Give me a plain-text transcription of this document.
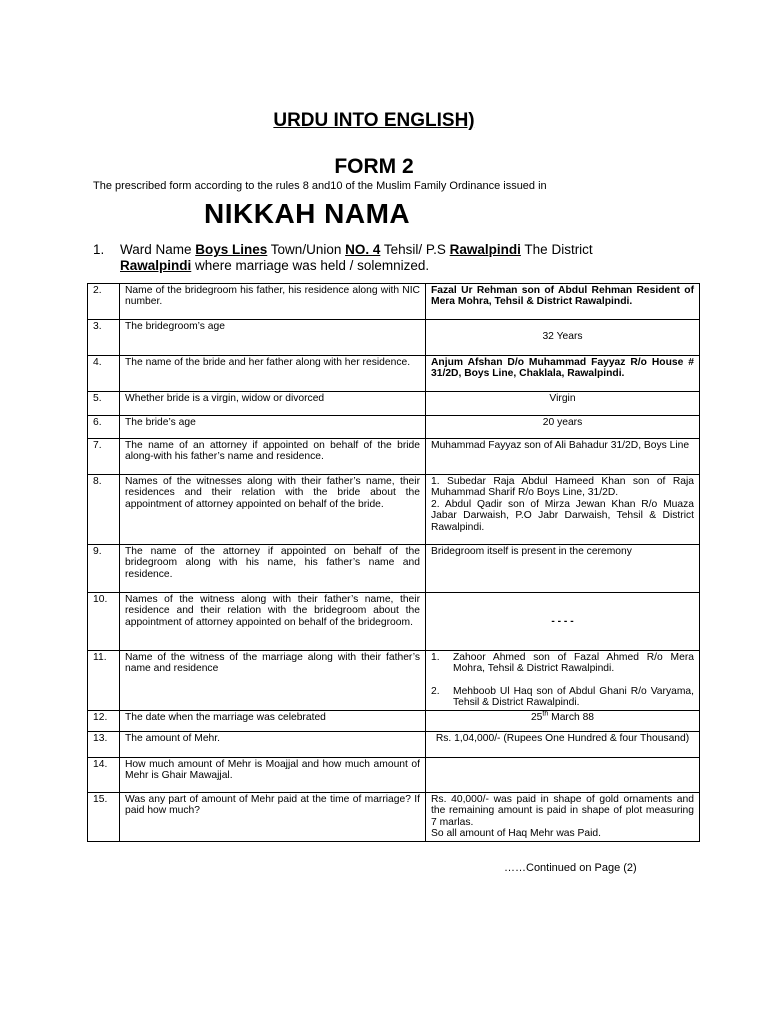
URDU INTO ENGLISH)
FORM 2
The prescribed form according to the rules 8 and10 of the Muslim Family Ordinance issued in
NIKKAH NAMA
1.	Ward Name Boys Lines Town/Union NO. 4 Tehsil/ P.S Rawalpindi The District
Rawalpindi where marriage was held / solemnized.
2.	Name of the bridegroom his father, his residence along with NIC number.	Fazal Ur Rehman son of Abdul Rehman Resident of Mera Mohra, Tehsil & District Rawalpindi.
3.	The bridegroom’s age	32 Years

4.	The name of the bride and her father along with her residence.	Anjum Afshan D/o Muhammad Fayyaz R/o House # 31/2D, Boys Line, Chaklala, Rawalpindi.
5.	Whether bride is a virgin, widow or divorced	Virgin
6.	The bride’s age	20 years
7.	The name of an attorney if appointed on behalf of the bride along-with his father’s name and residence.	Muhammad Fayyaz son of Ali Bahadur 31/2D, Boys Line
8.	Names of the witnesses along with their father’s name, their residences and their relation with the bride about the appointment of attorney appointed on behalf of the bride.	1. Subedar Raja Abdul Hameed Khan son of Raja Muhammad Sharif R/o Boys Line, 31/2D.
2. Abdul Qadir son of Mirza Jewan Khan R/o Muaza Jabar Darwaish, P.O Jabr Darwaish, Tehsil & District Rawalpindi.

9.	The name of the attorney if appointed on behalf of the bridegroom along with his name, his father’s name and residence.	Bridegroom itself is present in the ceremony
10.	Names of the witness along with their father’s name, their residence and their relation with the bridegroom about the appointment of attorney appointed on behalf of the bridegroom.	- - - -
11.	Name of the witness of the marriage along with their father’s name and residence	1. Zahoor Ahmed son of Fazal Ahmed R/o Mera Mohra, Tehsil & District Rawalpindi.
2. Mehboob Ul Haq son of Abdul Ghani R/o Varyama, Tehsil & District Rawalpindi.

12.	The date when the marriage was celebrated	25th March 88
13.	The amount of Mehr.	Rs. 1,04,000/- (Rupees One Hundred & four Thousand)
14.	How much amount of Mehr is Moajjal and how much amount of Mehr is Ghair Mawajjal.	
15.	Was any part of amount of Mehr paid at the time of marriage? If paid how much?	Rs. 40,000/- was paid in shape of gold ornaments and the remaining amount is paid in shape of plot measuring 7 marlas.
So all amount of Haq Mehr was Paid.
……Continued on Page (2)
